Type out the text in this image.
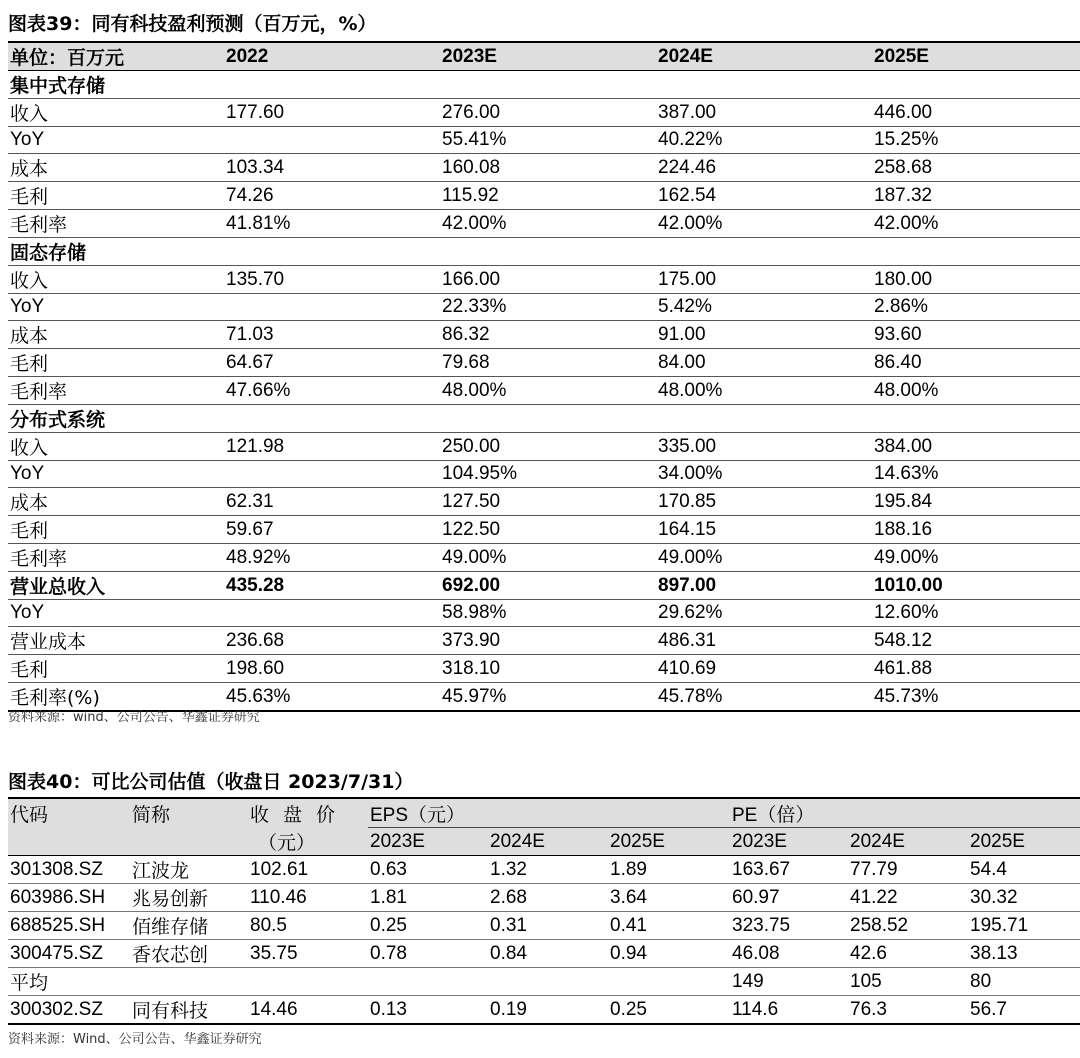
图表39：同有科技盈利预测（百万元，%）
单位：百万元	2022	2023E	2024E	2025E
集中式存储				
收入	177.60	276.00	387.00	446.00
YoY		55.41%	40.22%	15.25%
成本	103.34	160.08	224.46	258.68
毛利	74.26	115.92	162.54	187.32
毛利率	41.81%	42.00%	42.00%	42.00%
固态存储				
收入	135.70	166.00	175.00	180.00
YoY		22.33%	5.42%	2.86%
成本	71.03	86.32	91.00	93.60
毛利	64.67	79.68	84.00	86.40
毛利率	47.66%	48.00%	48.00%	48.00%
分布式系统				
收入	121.98	250.00	335.00	384.00
YoY		104.95%	34.00%	14.63%
成本	62.31	127.50	170.85	195.84
毛利	59.67	122.50	164.15	188.16
毛利率	48.92%	49.00%	49.00%	49.00%
营业总收入	435.28	692.00	897.00	1010.00
YoY		58.98%	29.62%	12.60%
营业成本	236.68	373.90	486.31	548.12
毛利	198.60	318.10	410.69	461.88
毛利率(%)	45.63%	45.97%	45.78%	45.73%
资料来源：wind、公司公告、华鑫证券研究
图表40：可比公司估值（收盘日 2023/7/31）
代码	简称	收盘价	EPS（元）			PE（倍）		
		（元）	2023E	2024E	2025E	2023E	2024E	2025E
301308.SZ	江波龙	102.61	0.63	1.32	1.89	163.67	77.79	54.4
603986.SH	兆易创新	110.46	1.81	2.68	3.64	60.97	41.22	30.32
688525.SH	佰维存储	80.5	0.25	0.31	0.41	323.75	258.52	195.71
300475.SZ	香农芯创	35.75	0.78	0.84	0.94	46.08	42.6	38.13
平均						149	105	80
300302.SZ	同有科技	14.46	0.13	0.19	0.25	114.6	76.3	56.7
资料来源：Wind、公司公告、华鑫证券研究
